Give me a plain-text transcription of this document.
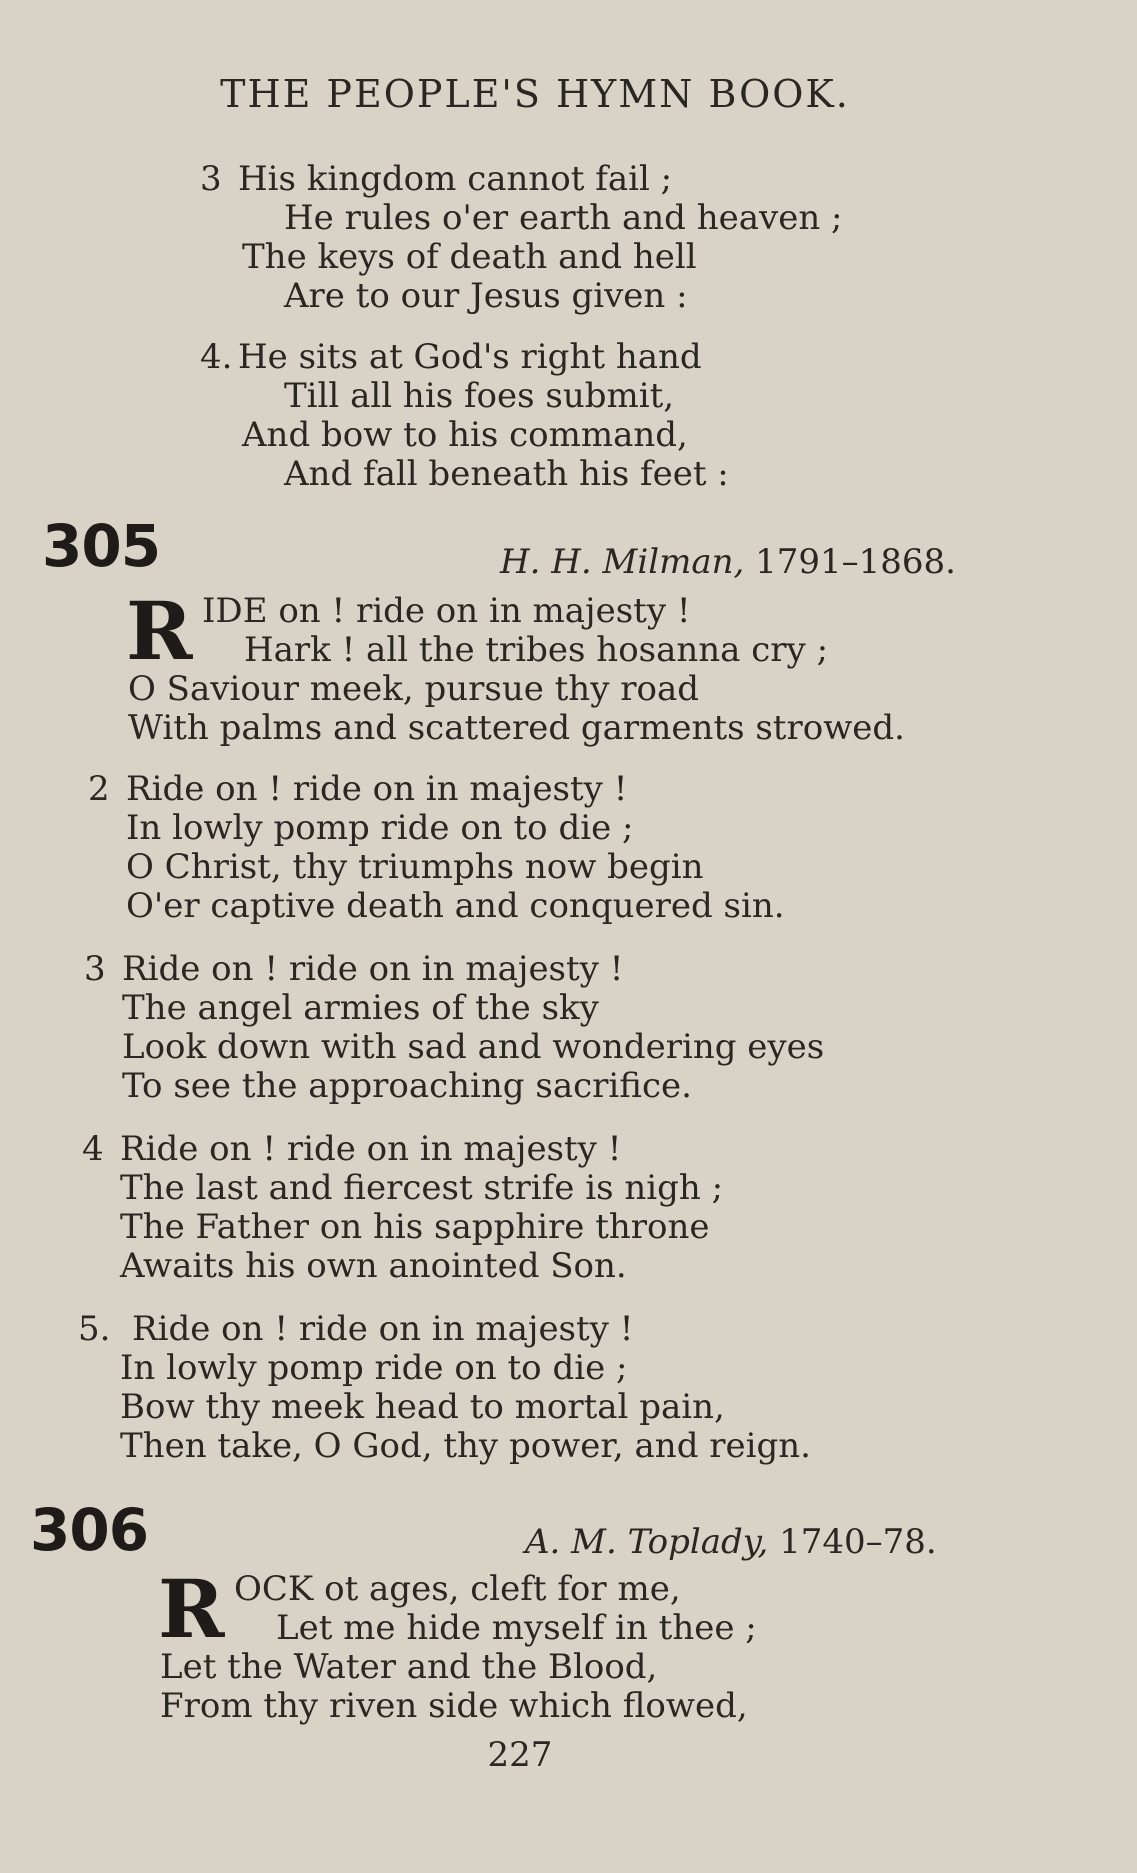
THE PEOPLE'S HYMN BOOK.
3 His kingdom cannot fail ;
He rules o'er earth and heaven ;
The keys of death and hell
Are to our Jesus given :
4. He sits at God's right hand
Till all his foes submit,
And bow to his command,
And fall beneath his feet :
305	H. H. Milman, 1791–1868.
R IDE on ! ride on in majesty !
Hark ! all the tribes hosanna cry ;
O Saviour meek, pursue thy road
With palms and scattered garments strowed.
2 Ride on ! ride on in majesty !
In lowly pomp ride on to die ;
O Christ, thy triumphs now begin
O'er captive death and conquered sin.
3 Ride on ! ride on in majesty !
The angel armies of the sky
Look down with sad and wondering eyes
To see the approaching sacrifice.
4 Ride on ! ride on in majesty !
The last and fiercest strife is nigh ;
The Father on his sapphire throne
Awaits his own anointed Son.
5. Ride on ! ride on in majesty !
In lowly pomp ride on to die ;
Bow thy meek head to mortal pain,
Then take, O God, thy power, and reign.
306	A. M. Toplady, 1740–78.
R OCK ot ages, cleft for me,
Let me hide myself in thee ;
Let the Water and the Blood,
From thy riven side which flowed,
227
